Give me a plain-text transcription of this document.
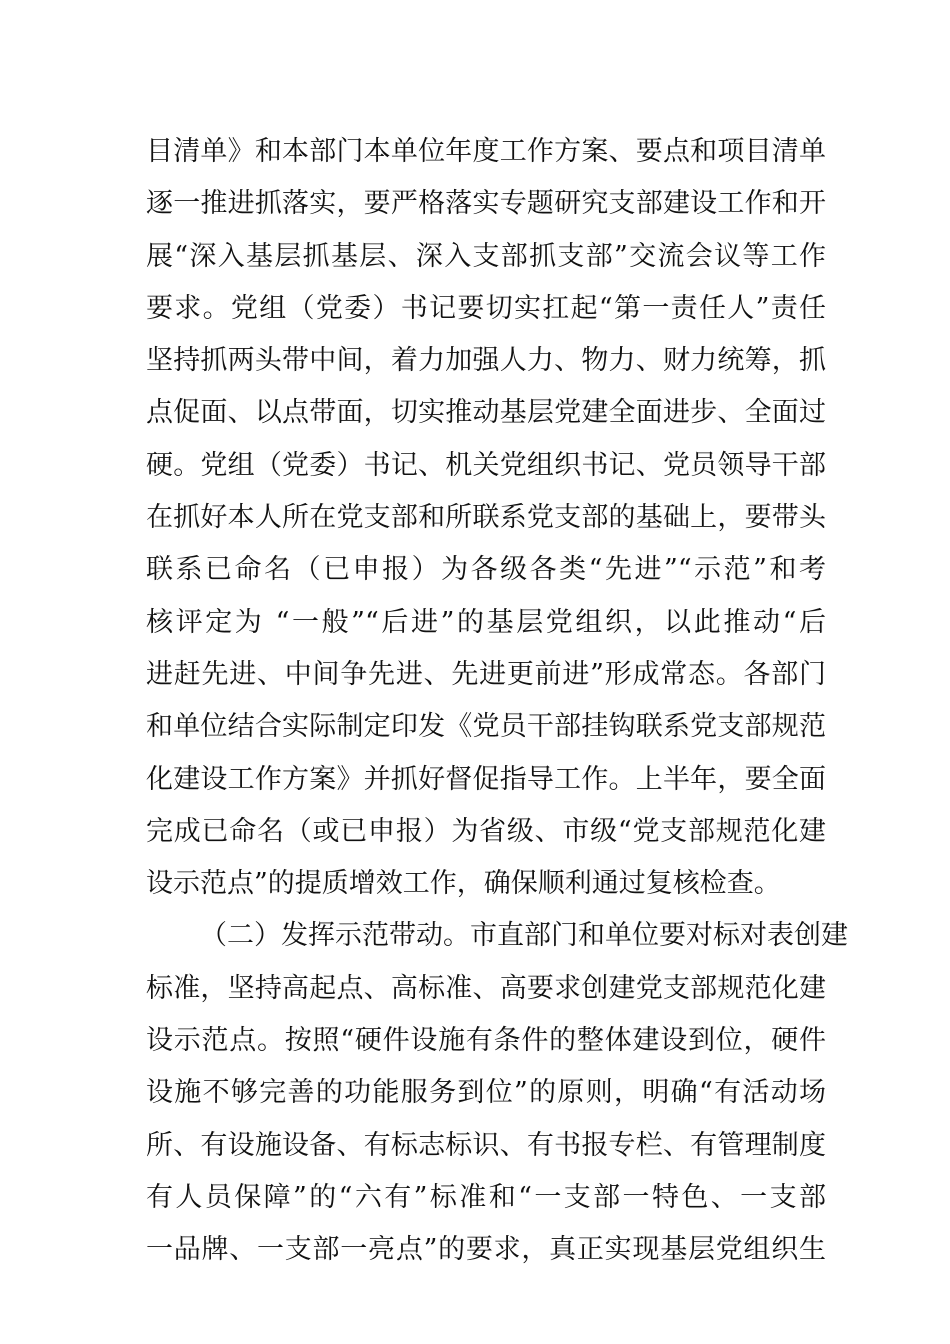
目清单》和本部门本单位年度工作方案、要点和项目清单
逐一推进抓落实，要严格落实专题研究支部建设工作和开
展“深入基层抓基层、深入支部抓支部”交流会议等工作
要求。党组（党委）书记要切实扛起“第一责任人”责任
坚持抓两头带中间，着力加强人力、物力、财力统筹，抓
点促面、以点带面，切实推动基层党建全面进步、全面过
硬。党组（党委）书记、机关党组织书记、党员领导干部
在抓好本人所在党支部和所联系党支部的基础上，要带头
联系已命名（已申报）为各级各类“先进”“示范”和考
核评定为 “一般”“后进”的基层党组织，以此推动“后
进赶先进、中间争先进、先进更前进”形成常态。各部门
和单位结合实际制定印发《党员干部挂钩联系党支部规范
化建设工作方案》并抓好督促指导工作。上半年，要全面
完成已命名（或已申报）为省级、市级“党支部规范化建
设示范点”的提质增效工作，确保顺利通过复核检查。
（二）发挥示范带动。市直部门和单位要对标对表创建
标准，坚持高起点、高标准、高要求创建党支部规范化建
设示范点。按照“硬件设施有条件的整体建设到位，硬件
设施不够完善的功能服务到位”的原则，明确“有活动场
所、有设施设备、有标志标识、有书报专栏、有管理制度
有人员保障”的“六有”标准和“一支部一特色、一支部
一品牌、一支部一亮点”的要求，真正实现基层党组织生
